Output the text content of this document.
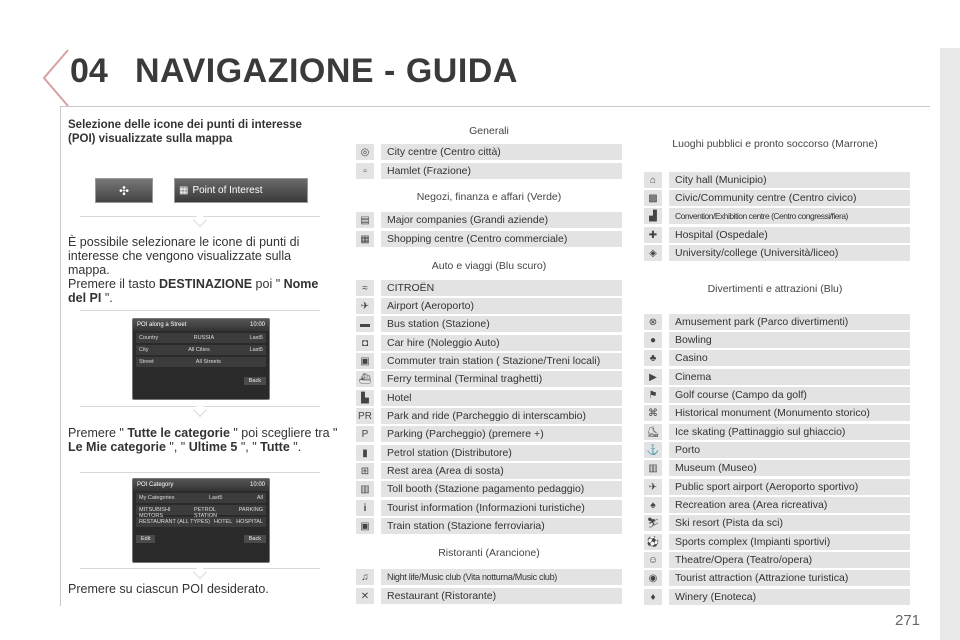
04 NAVIGAZIONE - GUIDA
271

Selezione delle icone dei punti di interesse (POI) visualizzate sulla mappa

✣	▦ Point of Interest

È possibile selezionare le icone di punti di interesse che vengono visualizzate sulla mappa.

Premere il tasto DESTINAZIONE poi " Nome del PI ".

POI along a Street	10:00
Country	RUSSIA	Last5
City	All Cities	Last5
Street	All Streets
Back

Premere " Tutte le categorie " poi scegliere tra " Le Mie categorie ", " Ultime 5 ", " Tutte ".

POI Category	10:00
My Categories	Last5	All
MITSUBISHI MOTORS
PETROL STATION
PARKING
RESTAURANT (ALL TYPES) HOTEL HOSPITAL
Edit	Back

Premere su ciascun POI desiderato.

Generali
◎	City centre (Centro città)
▫	Hamlet (Frazione)
Negozi, finanza e affari (Verde)
▤	Major companies (Grandi aziende)
▦	Shopping centre (Centro commerciale)
Auto e viaggi (Blu scuro)
≈	CITROËN
✈	Airport (Aeroporto)
▬	Bus station (Stazione)
◘	Car hire (Noleggio Auto)
▣	Commuter train station ( Stazione/Treni locali)
⛴	Ferry terminal (Terminal traghetti)
▙	Hotel
PR	Park and ride (Parcheggio di interscambio)
P	Parking (Parcheggio) (premere +)
▮	Petrol station (Distributore)
⊞	Rest area (Area di sosta)
▥	Toll booth (Stazione pagamento pedaggio)
i	Tourist information (Informazioni turistiche)
▣	Train station (Stazione ferroviaria)
Ristoranti (Arancione)
♫	Night life/Music club (Vita notturna/Music club)
✕	Restaurant (Ristorante)
Luoghi pubblici e pronto soccorso (Marrone)
⌂	City hall (Municipio)
▩	Civic/Community centre (Centro civico)
▟	Convention/Exhibition centre (Centro congressi/fiera)
✚	Hospital (Ospedale)
◈	University/college (Università/liceo)
Divertimenti e attrazioni (Blu)
⊗	Amusement park (Parco divertimenti)
●	Bowling
♣	Casino
▶	Cinema
⚑	Golf course (Campo da golf)
⌘	Historical monument (Monumento storico)
⛸	Ice skating (Pattinaggio sul ghiaccio)
⚓	Porto
▥	Museum (Museo)
✈	Public sport airport (Aeroporto sportivo)
♠	Recreation area (Area ricreativa)
⛷	Ski resort (Pista da sci)
⚽	Sports complex (Impianti sportivi)
☺	Theatre/Opera (Teatro/opera)
◉	Tourist attraction (Attrazione turistica)
♦	Winery (Enoteca)
